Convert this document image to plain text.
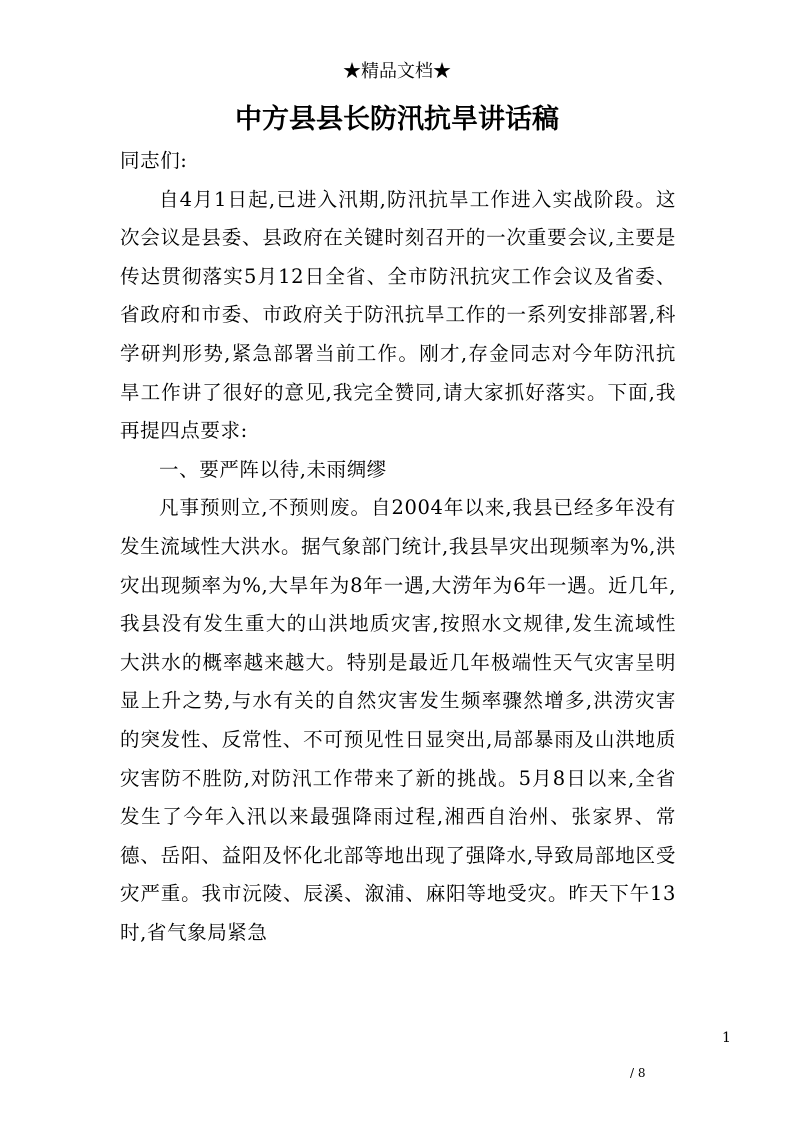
★精品文档★
中方县县长防汛抗旱讲话稿

同志们:

自4月1日起,已进入汛期,防汛抗旱工作进入实战阶段。这次会议是县委、县政府在关键时刻召开的一次重要会议,主要是传达贯彻落实5月12日全省、全市防汛抗灾工作会议及省委、省政府和市委、市政府关于防汛抗旱工作的一系列安排部署,科学研判形势,紧急部署当前工作。刚才,存金同志对今年防汛抗旱工作讲了很好的意见,我完全赞同,请大家抓好落实。下面,我再提四点要求:

一、要严阵以待,未雨绸缪

凡事预则立,不预则废。自2004年以来,我县已经多年没有发生流域性大洪水。据气象部门统计,我县旱灾出现频率为%,洪灾出现频率为%,大旱年为8年一遇,大涝年为6年一遇。近几年,我县没有发生重大的山洪地质灾害,按照水文规律,发生流域性大洪水的概率越来越大。特别是最近几年极端性天气灾害呈明显上升之势,与水有关的自然灾害发生频率骤然增多,洪涝灾害的突发性、反常性、不可预见性日显突出,局部暴雨及山洪地质灾害防不胜防,对防汛工作带来了新的挑战。5月8日以来,全省发生了今年入汛以来最强降雨过程,湘西自治州、张家界、常德、岳阳、益阳及怀化北部等地出现了强降水,导致局部地区受灾严重。我市沅陵、辰溪、溆浦、麻阳等地受灾。昨天下午13时,省气象局紧急

1
/ 8
